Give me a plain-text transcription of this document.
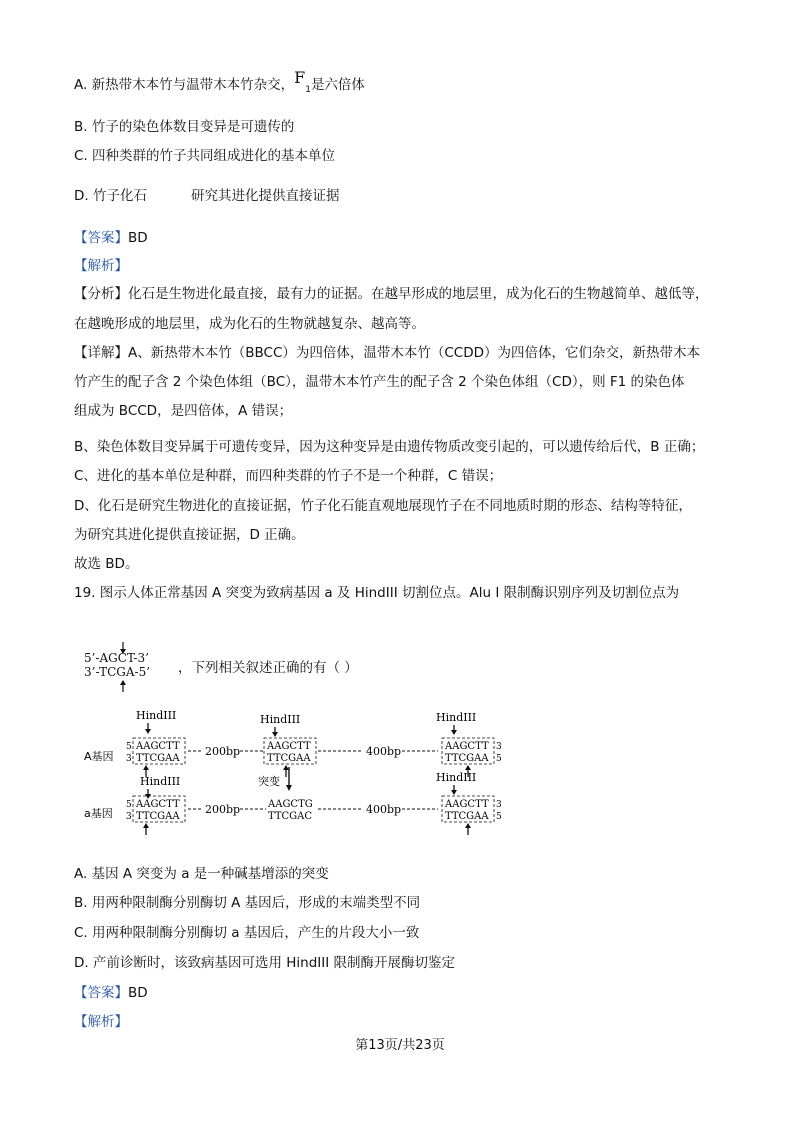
A. 新热带木本竹与温带木本竹杂交，$F_1$是六倍体
B. 竹子的染色体数目变异是可遗传的
C. 四种类群的竹子共同组成进化的基本单位
D. 竹子化石	研究其进化提供直接证据
【答案】BD
【解析】
【分析】化石是生物进化最直接，最有力的证据。在越早形成的地层里，成为化石的生物越简单、越低等，
在越晚形成的地层里，成为化石的生物就越复杂、越高等。
【详解】A、新热带木本竹（BBCC）为四倍体，温带木本竹（CCDD）为四倍体，它们杂交，新热带木本
竹产生的配子含 2 个染色体组（BC），温带木本竹产生的配子含 2 个染色体组（CD），则 F1 的染色体
组成为 BCCD，是四倍体，A 错误；
B、染色体数目变异属于可遗传变异，因为这种变异是由遗传物质改变引起的，可以遗传给后代，B 正确；
C、进化的基本单位是种群，而四种类群的竹子不是一个种群，C 错误；
D、化石是研究生物进化的直接证据，竹子化石能直观地展现竹子在不同地质时期的形态、结构等特征，
为研究其进化提供直接证据，D 正确。
故选 BD。
19. 图示人体正常基因 A 突变为致病基因 a 及 HindIII 切割位点。Alu I 限制酶识别序列及切割位点为
5’-AGCT-3’
3’-TCGA-5’ ，下列相关叙述正确的有（ ）
HindIII
A基因
5
3
AAGCTT
TTCGAA
200bp
HindIII
AAGCTT
TTCGAA
400bp
HindIII
AAGCTT
TTCGAA
3
5
突变
HindIII
a基因
5
3
AAGCTT
TTCGAA
200bp	AAGCTG
TTCGAC
400bp
HindIII
AAGCTT
TTCGAA
3
5
A. 基因 A 突变为 a 是一种碱基增添的突变
B. 用两种限制酶分别酶切 A 基因后，形成的末端类型不同
C. 用两种限制酶分别酶切 a 基因后，产生的片段大小一致
D. 产前诊断时，该致病基因可选用 HindIII 限制酶开展酶切鉴定
【答案】BD
【解析】
第13页/共23页
